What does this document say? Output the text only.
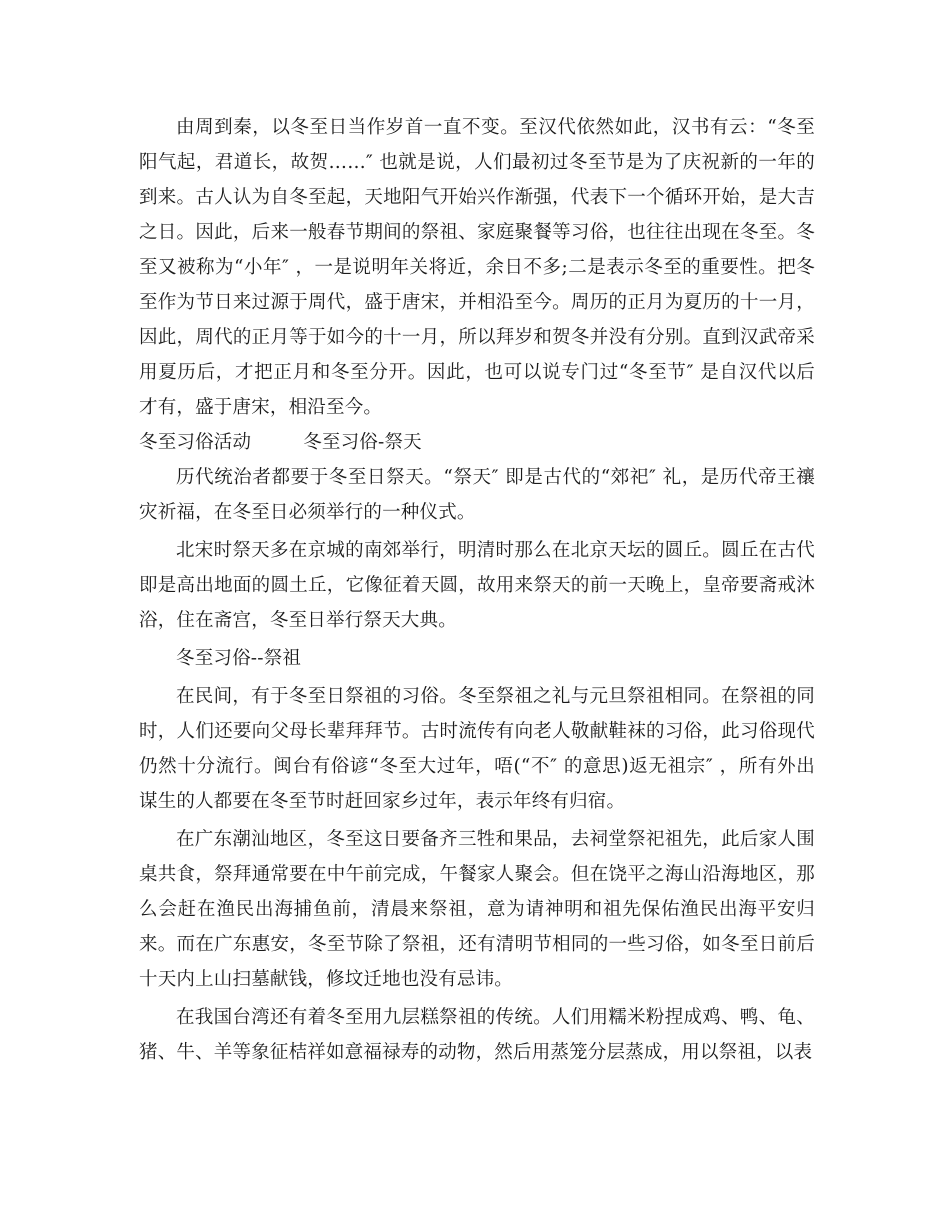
由周到秦，以冬至日当作岁首一直不变。至汉代依然如此，汉书有云：“冬至阳气起，君道长，故贺……″ 也就是说，人们最初过冬至节是为了庆祝新的一年的到来。古人认为自冬至起，天地阳气开始兴作渐强，代表下一个循环开始，是大吉之日。因此，后来一般春节期间的祭祖、家庭聚餐等习俗，也往往出现在冬至。冬至又被称为“小年″ ，一是说明年关将近，余日不多;二是表示冬至的重要性。把冬至作为节日来过源于周代，盛于唐宋，并相沿至今。周历的正月为夏历的十一月，因此，周代的正月等于如今的十一月，所以拜岁和贺冬并没有分别。直到汉武帝采用夏历后，才把正月和冬至分开。因此，也可以说专门过“冬至节″ 是自汉代以后才有，盛于唐宋，相沿至今。

冬至习俗活动	冬至习俗-祭天

历代统治者都要于冬至日祭天。“祭天″ 即是古代的“郊祀″ 礼，是历代帝王禳灾祈福，在冬至日必须举行的一种仪式。

北宋时祭天多在京城的南郊举行，明清时那么在北京天坛的圆丘。圆丘在古代即是高出地面的圆土丘，它像征着天圆，故用来祭天的前一天晚上，皇帝要斋戒沐浴，住在斋宫，冬至日举行祭天大典。

冬至习俗--祭祖

在民间，有于冬至日祭祖的习俗。冬至祭祖之礼与元旦祭祖相同。在祭祖的同时，人们还要向父母长辈拜拜节。古时流传有向老人敬献鞋袜的习俗，此习俗现代仍然十分流行。闽台有俗谚“冬至大过年，唔(“不″ 的意思)返无祖宗″ ，所有外出谋生的人都要在冬至节时赶回家乡过年，表示年终有归宿。

在广东潮汕地区，冬至这日要备齐三牲和果品，去祠堂祭祀祖先，此后家人围桌共食，祭拜通常要在中午前完成，午餐家人聚会。但在饶平之海山沿海地区，那么会赶在渔民出海捕鱼前，清晨来祭祖，意为请神明和祖先保佑渔民出海平安归来。而在广东惠安，冬至节除了祭祖，还有清明节相同的一些习俗，如冬至日前后十天内上山扫墓献钱，修坟迁地也没有忌讳。

在我国台湾还有着冬至用九层糕祭祖的传统。人们用糯米粉捏成鸡、鸭、龟、猪、牛、羊等象征桔祥如意福禄寿的动物，然后用蒸笼分层蒸成，用以祭祖，以表
